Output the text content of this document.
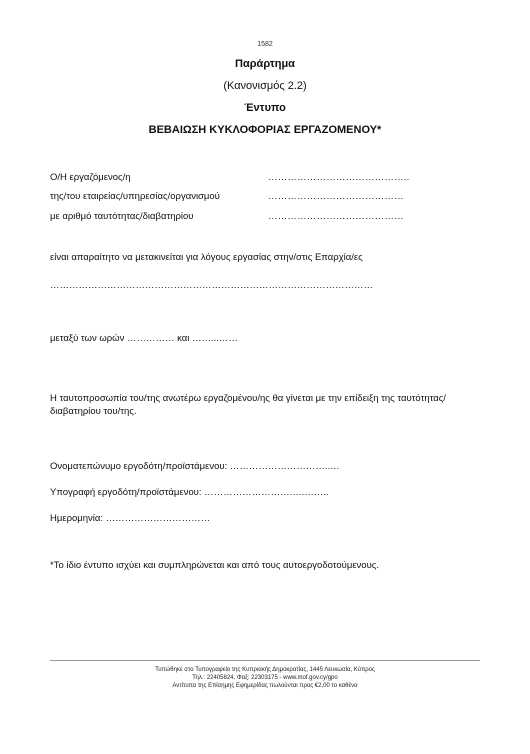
1582
Παράρτημα
(Κανονισμός 2.2)
Έντυπο
ΒΕΒΑΙΩΣΗ ΚΥΚΛΟΦΟΡΙΑΣ ΕΡΓΑΖΟΜΕΝΟΥ*
Ο/Η εργαζόμενος/η	……………………………………..
της/του εταιρείας/υπηρεσίας/οργανισμού	……………………………………
με αριθμό ταυτότητας/διαβατηρίου	……………………………………
είναι απαραίτητο να μετακινείται για λόγους εργασίας στην/στις Επαρχία/ες
…………………………………………………………………………………………
μεταξύ των ωρών …………… και ……...……
Η ταυτοπροσωπία του/της ανωτέρω εργαζομένου/ης θα γίνεται με την επίδειξη της ταυτότητας/διαβατηρίου του/της.
Ονοματεπώνυμο εργοδότη/προϊστάμενου: …………………………..…
Υπογραφή εργοδότη/προϊστάμενου: ……………………….….……..
Ημερομηνία: ……………………………
*Το ίδιο έντυπο ισχύει και συμπληρώνεται και από τους αυτοεργοδοτούμενους.
Τυπώθηκε στο Τυπογραφείο της Κυπριακής Δημοκρατίας, 1445 Λευκωσία, Κύπρος
Τηλ.: 22405824, Φαξ: 22303175 - www.mof.gov.cy/gpo
Αντίτυπα της Επίσημης Εφημερίδας πωλούνται προς €2,00 το καθένα
